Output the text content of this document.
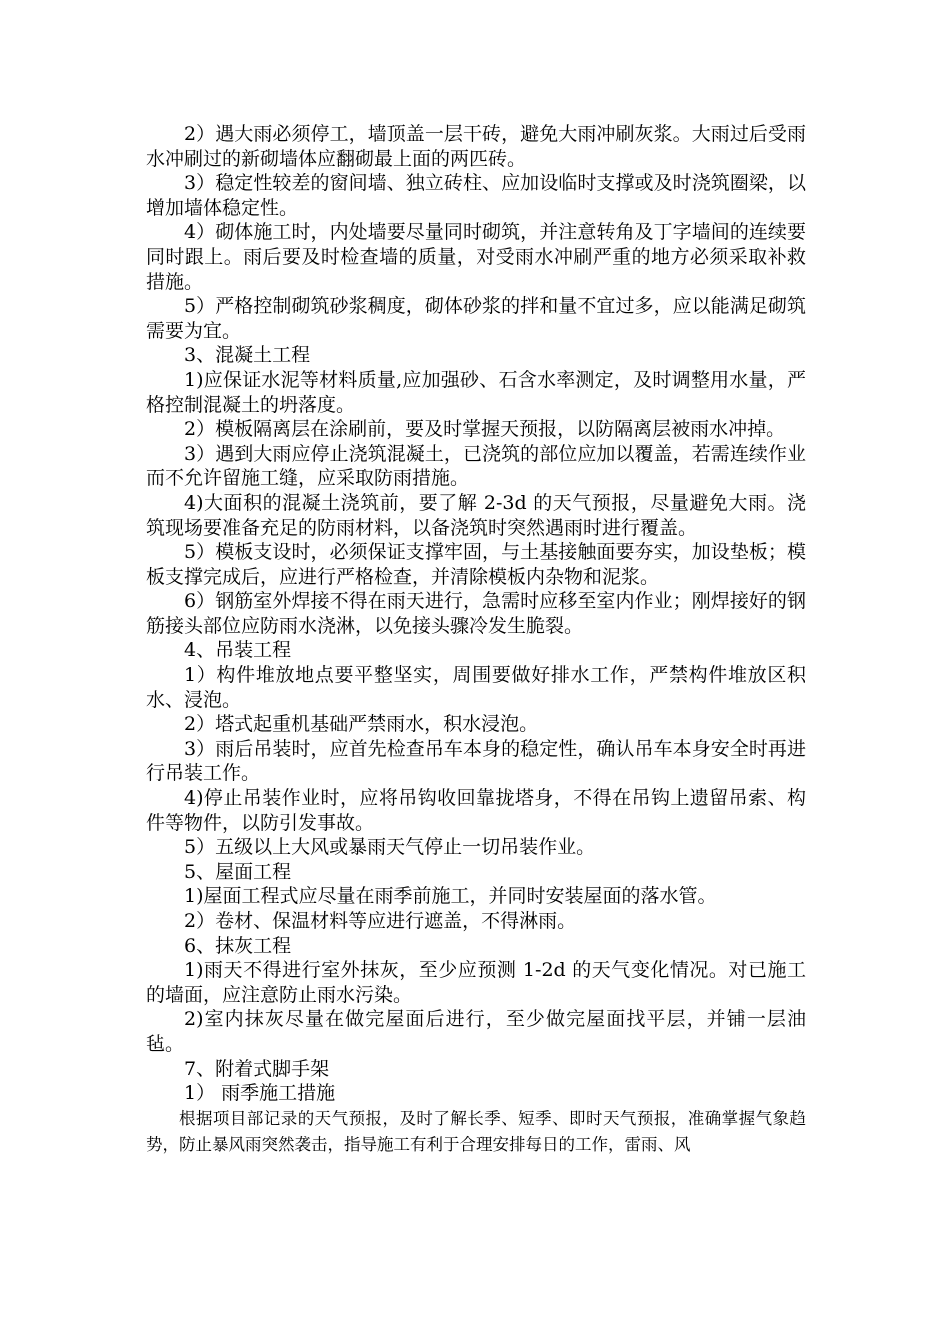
2）遇大雨必须停工，墙顶盖一层干砖，避免大雨冲刷灰浆。大雨过后受雨水冲刷过的新砌墙体应翻砌最上面的两匹砖。

3）稳定性较差的窗间墙、独立砖柱、应加设临时支撑或及时浇筑圈梁，以增加墙体稳定性。

4）砌体施工时，内处墙要尽量同时砌筑，并注意转角及丁字墙间的连续要同时跟上。雨后要及时检查墙的质量，对受雨水冲刷严重的地方必须采取补救措施。

5）严格控制砌筑砂浆稠度，砌体砂浆的拌和量不宜过多，应以能满足砌筑需要为宜。

3、混凝土工程

1)应保证水泥等材料质量,应加强砂、石含水率测定，及时调整用水量，严格控制混凝土的坍落度。

2）模板隔离层在涂刷前，要及时掌握天预报，以防隔离层被雨水冲掉。

3）遇到大雨应停止浇筑混凝土，已浇筑的部位应加以覆盖，若需连续作业而不允许留施工缝，应采取防雨措施。

4)大面积的混凝土浇筑前，要了解 2-3d 的天气预报，尽量避免大雨。浇筑现场要准备充足的防雨材料，以备浇筑时突然遇雨时进行覆盖。

5）模板支设时，必须保证支撑牢固，与土基接触面要夯实，加设垫板；模板支撑完成后，应进行严格检查，并清除模板内杂物和泥浆。

6）钢筋室外焊接不得在雨天进行，急需时应移至室内作业；刚焊接好的钢筋接头部位应防雨水浇淋，以免接头骤冷发生脆裂。

4、吊装工程

1）构件堆放地点要平整坚实，周围要做好排水工作，严禁构件堆放区积水、浸泡。

2）塔式起重机基础严禁雨水，积水浸泡。

3）雨后吊装时，应首先检查吊车本身的稳定性，确认吊车本身安全时再进行吊装工作。

4)停止吊装作业时，应将吊钩收回靠拢塔身，不得在吊钩上遗留吊索、构件等物件，以防引发事故。

5）五级以上大风或暴雨天气停止一切吊装作业。

5、屋面工程

1)屋面工程式应尽量在雨季前施工，并同时安装屋面的落水管。

2）卷材、保温材料等应进行遮盖，不得淋雨。

6、抹灰工程

1)雨天不得进行室外抹灰，至少应预测 1-2d 的天气变化情况。对已施工的墙面，应注意防止雨水污染。

2)室内抹灰尽量在做完屋面后进行，至少做完屋面找平层，并铺一层油毡。

7、附着式脚手架

1） 雨季施工措施

根据项目部记录的天气预报，及时了解长季、短季、即时天气预报，准确掌握气象趋势，防止暴风雨突然袭击，指导施工有利于合理安排每日的工作，雷雨、风
